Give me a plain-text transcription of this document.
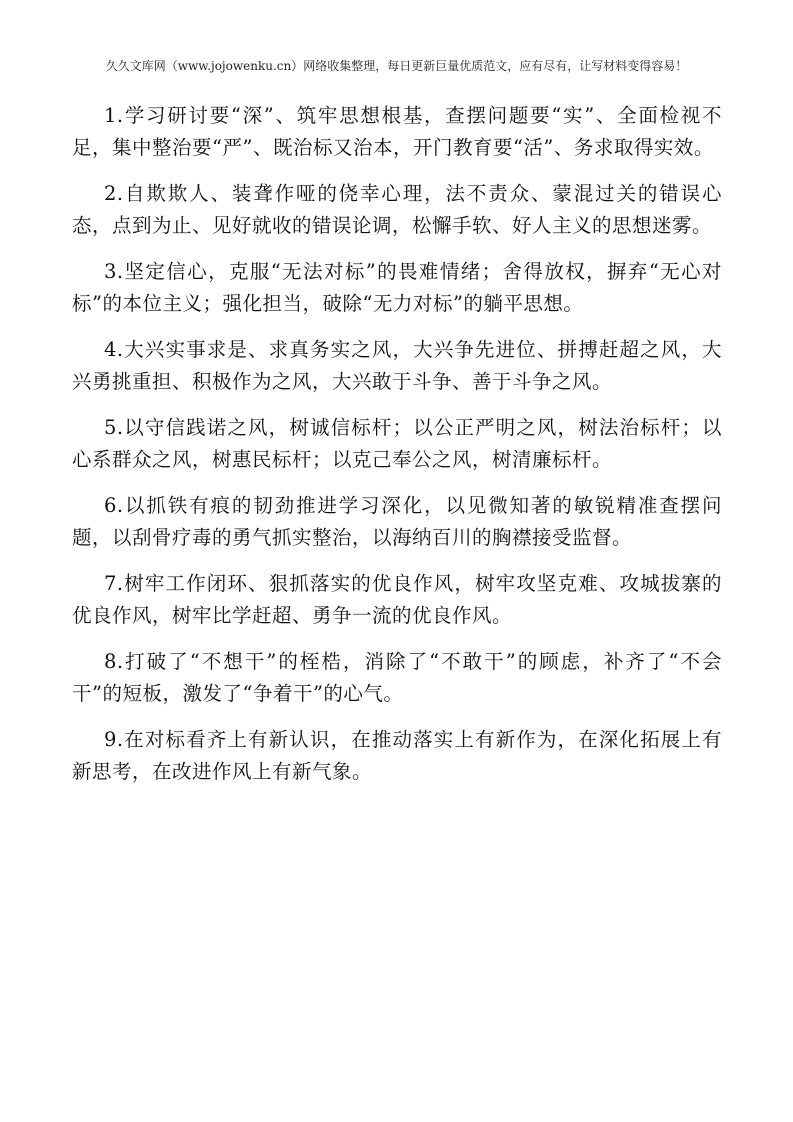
久久文库网（www.jojowenku.cn）网络收集整理，每日更新巨量优质范文，应有尽有，让写材料变得容易！

1.学习研讨要“深”、筑牢思想根基，查摆问题要“实”、全面检视不足，集中整治要“严”、既治标又治本，开门教育要“活”、务求取得实效。

2.自欺欺人、装聋作哑的侥幸心理，法不责众、蒙混过关的错误心态，点到为止、见好就收的错误论调，松懈手软、好人主义的思想迷雾。

3.坚定信心，克服“无法对标”的畏难情绪；舍得放权，摒弃“无心对标”的本位主义；强化担当，破除“无力对标”的躺平思想。

4.大兴实事求是、求真务实之风，大兴争先进位、拼搏赶超之风，大兴勇挑重担、积极作为之风，大兴敢于斗争、善于斗争之风。

5.以守信践诺之风，树诚信标杆；以公正严明之风，树法治标杆；以心系群众之风，树惠民标杆；以克己奉公之风，树清廉标杆。

6.以抓铁有痕的韧劲推进学习深化，以见微知著的敏锐精准查摆问题，以刮骨疗毒的勇气抓实整治，以海纳百川的胸襟接受监督。

7.树牢工作闭环、狠抓落实的优良作风，树牢攻坚克难、攻城拔寨的优良作风，树牢比学赶超、勇争一流的优良作风。

8.打破了“不想干”的桎梏，消除了“不敢干”的顾虑，补齐了“不会干”的短板，激发了“争着干”的心气。

9.在对标看齐上有新认识，在推动落实上有新作为，在深化拓展上有新思考，在改进作风上有新气象。
